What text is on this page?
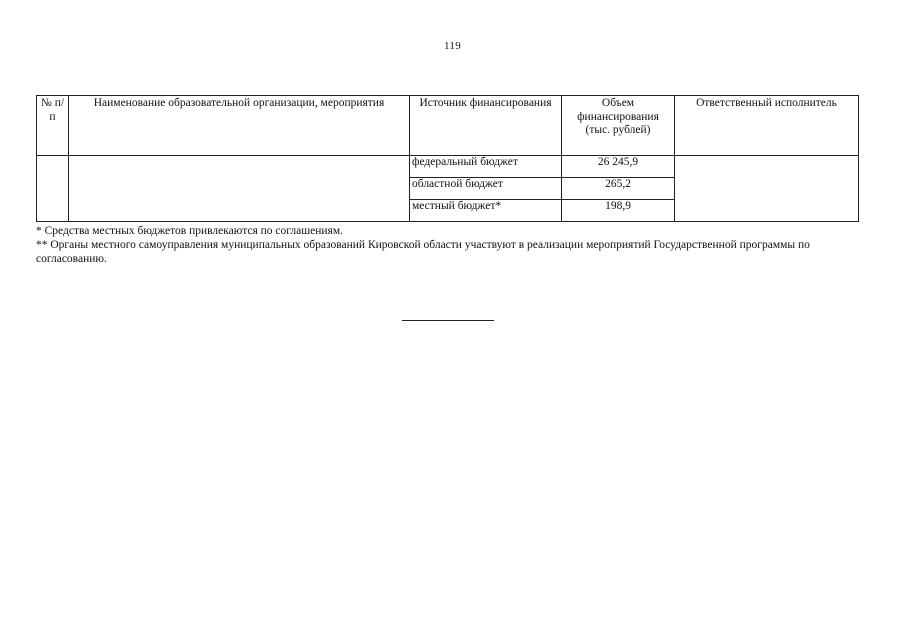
119
№ п/п	Наименование образовательной организации, мероприятия	Источник финансирования	Объем финансирования (тыс. рублей)	Ответственный исполнитель
		федеральный бюджет	26 245,9	
		областной бюджет	265,2	
		местный бюджет*	198,9	

* Средства местных бюджетов привлекаются по соглашениям.

** Органы местного самоуправления муниципальных образований Кировской области участвуют в реализации мероприятий Государственной программы по согласованию.
